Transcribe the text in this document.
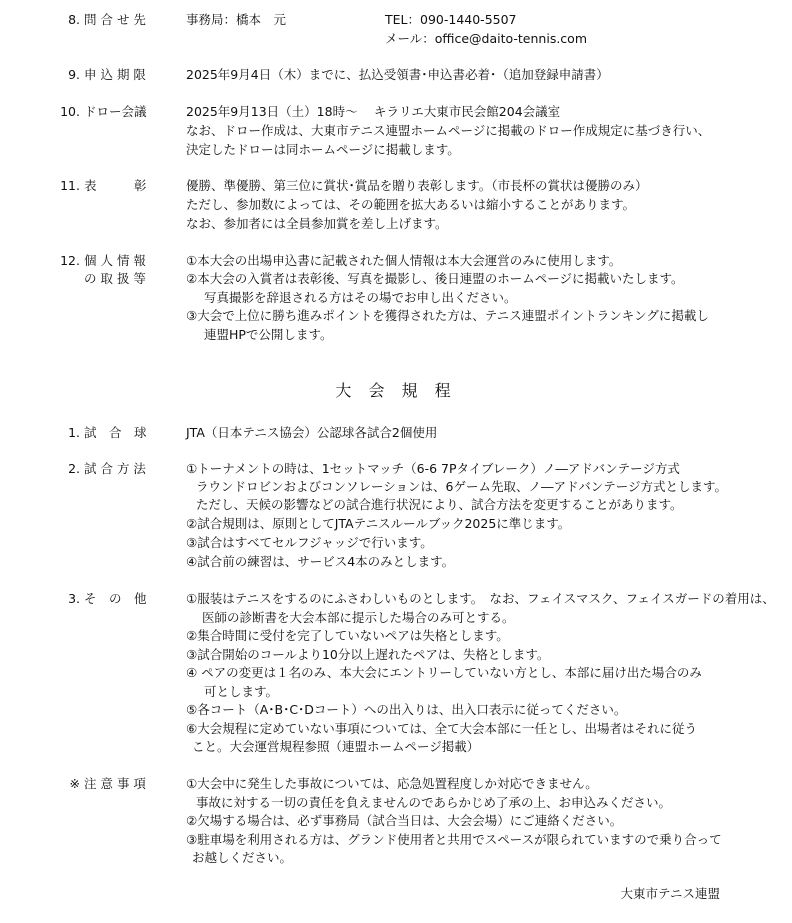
8. 問 合 せ 先	事務局：橋本　元	TEL：090-1440-5507
メール：office@daito-tennis.com
9. 申 込 期 限	2025年9月4日（木）までに、払込受領書･申込書必着･（追加登録申請書）
10. ドロー会議	2025年9月13日（土）18時～　 キラリエ大東市民会館204会議室
なお、ドロー作成は、大東市テニス連盟ホームページに掲載のドロー作成規定に基づき行い、
決定したドローは同ホームページに掲載します。
11. 表　　　彰	優勝、準優勝、第三位に賞状･賞品を贈り表彰します。（市長杯の賞状は優勝のみ）
ただし、参加数によっては、その範囲を拡大あるいは縮小することがあります。
なお、参加者には全員参加賞を差し上げます。
12. 個 人 情 報
の 取 扱 等
①本大会の出場申込書に記載された個人情報は本大会運営のみに使用します。
②本大会の入賞者は表彰後、写真を撮影し、後日連盟のホームページに掲載いたします。
写真撮影を辞退される方はその場でお申し出ください。
③大会で上位に勝ち進みポイントを獲得された方は、テニス連盟ポイントランキングに掲載し
連盟HPで公開します。
大 会 規 程
1. 試　合　球	JTA（日本テニス協会）公認球各試合2個使用
2. 試 合 方 法	①トーナメントの時は、1セットマッチ（6-6 7Pタイブレーク）ノ―アドバンテージ方式
ラウンドロビンおよびコンソレーションは、6ゲーム先取、ノ―アドバンテージ方式とします。
ただし、天候の影響などの試合進行状況により、試合方法を変更することがあります。
②試合規則は、原則としてJTAテニスルールブック2025に準じます。
③試合はすべてセルフジャッジで行います。
④試合前の練習は、サービス4本のみとします。
3. そ　の　他	①服装はテニスをするのにふさわしいものとします。　なお、フェイスマスク、フェイスガードの着用は、
医師の診断書を大会本部に提示した場合のみ可とする。
②集合時間に受付を完了していないペアは失格とします。
③試合開始のコールより10分以上遅れたペアは、失格とします。
④ ペアの変更は１名のみ、本大会にエントリーしていない方とし、本部に届け出た場合のみ
可とします。
⑤各コート（A･B･C･Dコート）への出入りは、出入口表示に従ってください。
⑥大会規程に定めていない事項については、全て大会本部に一任とし、出場者はそれに従う
こと。大会運営規程参照（連盟ホームページ掲載）
※ 注 意 事 項	①大会中に発生した事故については、応急処置程度しか対応できません。
事故に対する一切の責任を負えませんのであらかじめ了承の上、お申込みください。
②欠場する場合は、必ず事務局（試合当日は、大会会場）にご連絡ください。
③駐車場を利用される方は、グランド使用者と共用でスペースが限られていますので乗り合って
お越しください。
大東市テニス連盟
